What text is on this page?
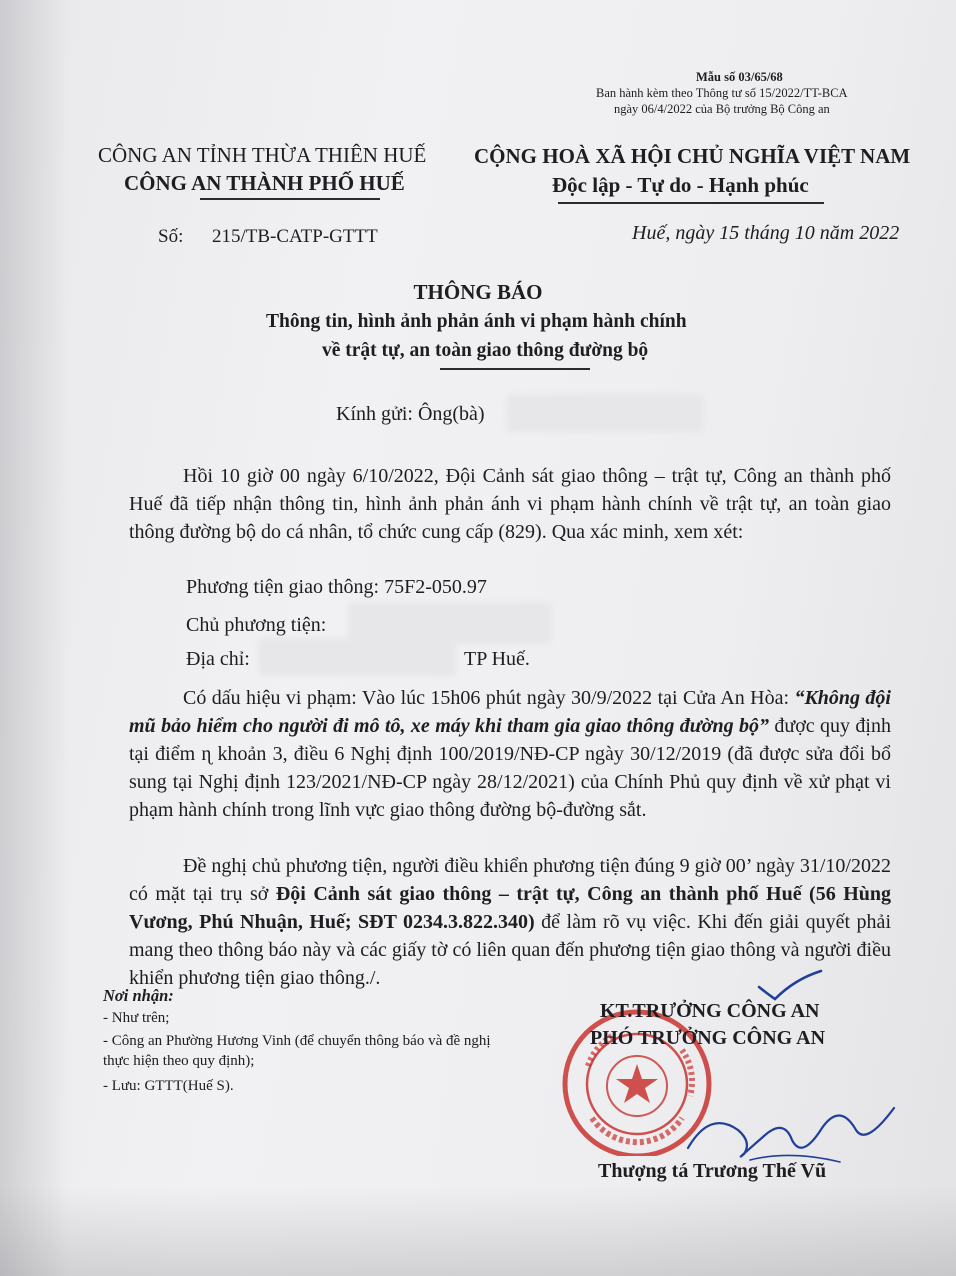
Mẫu số 03/65/68
Ban hành kèm theo Thông tư số 15/2022/TT-BCA
ngày 06/4/2022 của Bộ trưởng Bộ Công an
CÔNG AN TỈNH THỪA THIÊN HUẾ
CÔNG AN THÀNH PHỐ HUẾ
CỘNG HOÀ XÃ HỘI CHỦ NGHĨA VIỆT NAM
Độc lập - Tự do - Hạnh phúc
Số: 215/TB-CATP-GTTT	Huế, ngày 15 tháng 10 năm 2022
THÔNG BÁO
Thông tin, hình ảnh phản ánh vi phạm hành chính
về trật tự, an toàn giao thông đường bộ
Kính gửi: Ông(bà)
Hồi 10 giờ 00 ngày 6/10/2022, Đội Cảnh sát giao thông – trật tự, Công an thành phố Huế đã tiếp nhận thông tin, hình ảnh phản ánh vi phạm hành chính về trật tự, an toàn giao thông đường bộ do cá nhân, tổ chức cung cấp (829). Qua xác minh, xem xét:
Phương tiện giao thông: 75F2-050.97
Chủ phương tiện:
Địa chỉ:	TP Huế.
Có dấu hiệu vi phạm: Vào lúc 15h06 phút ngày 30/9/2022 tại Cửa An Hòa: “Không đội mũ bảo hiểm cho người đi mô tô, xe máy khi tham gia giao thông đường bộ” được quy định tại điểm ɳ khoản 3, điều 6 Nghị định 100/2019/NĐ-CP ngày 30/12/2019 (đã được sửa đổi bổ sung tại Nghị định 123/2021/NĐ-CP ngày 28/12/2021) của Chính Phủ quy định về xử phạt vi phạm hành chính trong lĩnh vực giao thông đường bộ-đường sắt.
Đề nghị chủ phương tiện, người điều khiển phương tiện đúng 9 giờ 00’ ngày 31/10/2022 có mặt tại trụ sở Đội Cảnh sát giao thông – trật tự, Công an thành phố Huế (56 Hùng Vương, Phú Nhuận, Huế; SĐT 0234.3.822.340) để làm rõ vụ việc. Khi đến giải quyết phải mang theo thông báo này và các giấy tờ có liên quan đến phương tiện giao thông và người điều khiển phương tiện giao thông./.
Nơi nhận:
- Như trên;
- Công an Phường Hương Vinh (để chuyển thông báo và đề nghị thực hiện theo quy định);
- Lưu: GTTT(Huế S).
KT.TRƯỞNG CÔNG AN
PHÓ TRƯỞNG CÔNG AN
Thượng tá Trương Thế Vũ
